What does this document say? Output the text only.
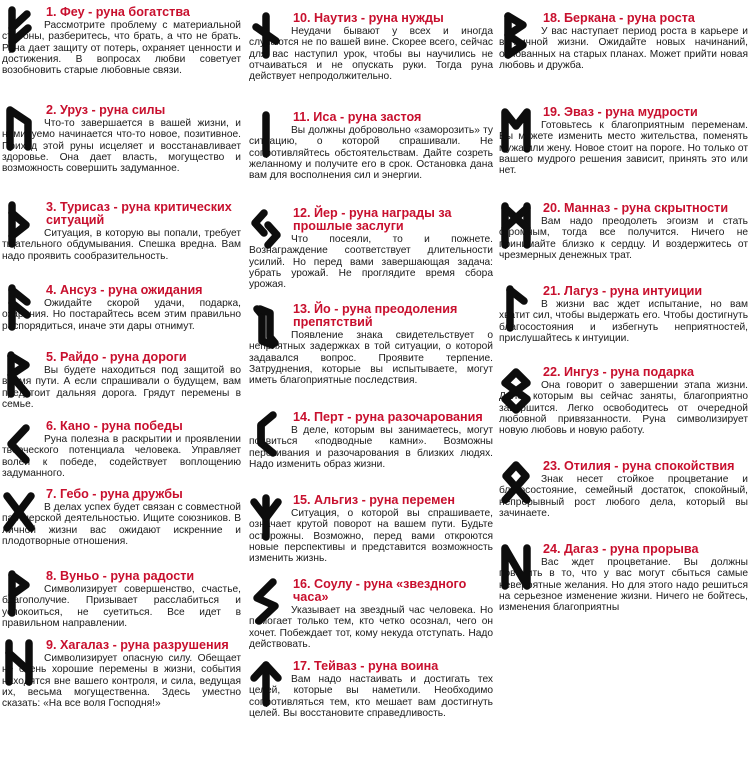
1. Феу - руна богатства
Рассмотрите проблему с материальной стороны, разберитесь, что брать, а что не брать. Руна дает защиту от потерь, охраняет ценности и достижения. В вопросах любви советует возобновить старые любовные связи.
2. Уруз - руна силы
Что-то завершается в вашей жизни, и неминуемо начинается что-то новое, позитивное. Приход этой руны исцеляет и восстанавливает здоровье. Она дает власть, могущество и возможность совершить задуманное.
3. Турисаз - руна критических ситуаций
Ситуация, в которую вы попали, требует тщательного обдумывания. Спешка вредна. Вам надо проявить сообразительность.
4. Ансуз - руна ожидания
Ожидайте скорой удачи, подарка, озарения. Но постарайтесь всем этим правильно распорядиться, иначе эти дары отнимут.
5. Райдо - руна дороги
Вы будете находиться под защитой во время пути. А если спрашивали о будущем, вам предстоит дальняя дорога. Грядут перемены в семье.
6. Кано - руна победы
Руна полезна в раскрытии и проявлении творческого потенциала человека. Управляет волей к победе, содействует воплощению задуманного.
7. Гебо - руна дружбы
В делах успех будет связан с совместной партнерской деятельностью. Ищите союзников. В личной жизни вас ожидают искренние и плодотворные отношения.
8. Вуньо - руна радости
Символизирует совершенство, счастье, благополучие. Призывает расслабиться и успокоиться, не суетиться. Все идет в правильном направлении.
9. Хагалаз - руна разрушения
Символизирует опасную силу. Обещает не очень хорошие перемены в жизни, события находятся вне вашего контроля, и сила, ведущая их, весьма могущественна. Здесь уместно сказать: «На все воля Господня!»
10. Наутиз - руна нужды
Неудачи бывают у всех и иногда случаются не по вашей вине. Скорее всего, сейчас для вас наступил урок, чтобы вы научились не отчаиваться и не опускать руки. Тогда руна действует непродолжительно.
11. Иса - руна застоя
Вы должны добровольно «заморозить» ту ситуацию, о которой спрашивали. Не сопротивляйтесь обстоятельствам. Дайте созреть желанному и получите его в срок. Остановка дана вам для восполнения сил и энергии.
12. Йер - руна награды за прошлые заслуги
Что посеяли, то и пожнете. Вознаграждение соответствует длительности усилий. Но перед вами завершающая задача: убрать урожай. Не проглядите время сбора урожая.
13. Йо - руна преодоления препятствий
Появление знака свидетельствует о неприятных задержках в той ситуации, о которой задавался вопрос. Проявите терпение. Затруднения, которые вы испытываете, могут иметь благоприятные последствия.
14. Перт - руна разочарования
В деле, которым вы занимаетесь, могут появиться «подводные камни». Возможны перекивания и разочарования в близких людях. Надо изменить образ жизни.
15. Альгиз - руна перемен
Ситуация, о которой вы спрашиваете, означает крутой поворот на вашем пути. Будьте осторожны. Возможно, перед вами откроются новые перспективы и представится возможность изменить жизнь.
16. Соулу - руна «звездного часа»
Указывает на звездный час человека. Но помогает только тем, кто четко осознал, чего он хочет. Побеждает тот, кому некуда отступать. Надо действовать.
17. Тейваз - руна воина
Вам надо настаивать и достигать тех целей, которые вы наметили. Необходимо сопротивляться тем, кто мешает вам достигнуть целей. Вы восстановите справедливость.
18. Беркана - руна роста
У вас наступает период роста в карьере и в личной жизни. Ожидайте новых начинаний, основанных на старых планах. Может прийти новая любовь и дружба.
19. Эваз - руна мудрости
Готовьтесь к благоприятным переменам. Вы можете изменить место жительства, поменять мужа или жену. Новое стоит на пороге. Но только от вашего мудрого решения зависит, принять это или нет.
20. Манназ - руна скрытности
Вам надо преодолеть эгоизм и стать скромным, тогда все получится. Ничего не принимайте близко к сердцу. И воздержитесь от чрезмерных денежных трат.
21. Лагуз - руна интуиции
В жизни вас ждет испытание, но вам хватит сил, чтобы выдержать его. Чтобы достигнуть благосостояния и избегнуть неприятностей, прислушайтесь к интуиции.
22. Ингуз - руна подарка
Она говорит о завершении этапа жизни. Дело, которым вы сейчас заняты, благоприятно завершится. Легко освободитесь от очередной любовной привязанности. Руна символизирует новую любовь и новую работу.
23. Отилия - руна спокойствия
Знак несет стойкое процветание и благосостояние, семейный достаток, спокойный, непрерывный рост любого дела, который вы зачинаете.
24. Дагаз - руна прорыва
Вас ждет процветание. Вы должны поверить в то, что у вас могут сбыться самые невероятные желания. Но для этого надо решиться на серьезное изменение жизни. Ничего не бойтесь, изменения благоприятны
